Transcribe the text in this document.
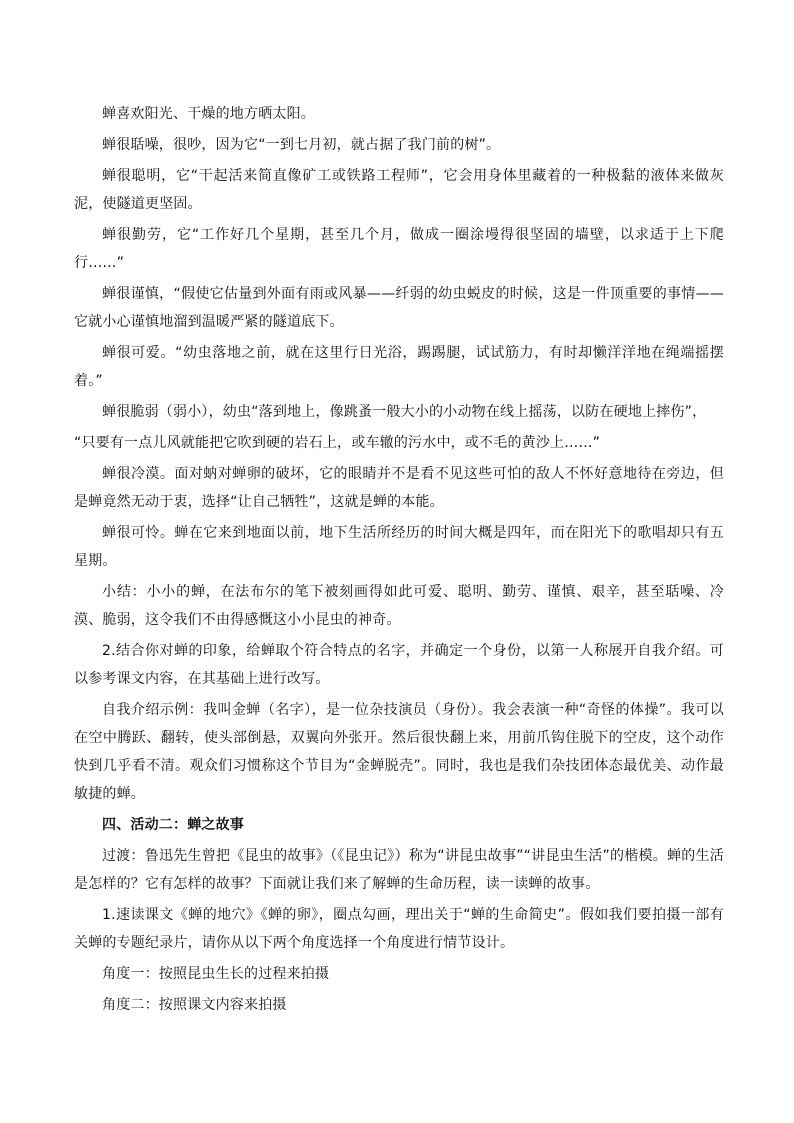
蝉喜欢阳光、干燥的地方晒太阳。

蝉很聒噪，很吵，因为它“一到七月初，就占据了我门前的树”。

蝉很聪明，它“干起活来简直像矿工或铁路工程师”，它会用身体里藏着的一种极黏的液体来做灰泥，使隧道更坚固。

蝉很勤劳，它“工作好几个星期，甚至几个月，做成一圈涂墁得很坚固的墙壁，以求适于上下爬行……”

蝉很谨慎，“假使它估量到外面有雨或风暴——纤弱的幼虫蜕皮的时候，这是一件顶重要的事情——它就小心谨慎地溜到温暖严紧的隧道底下。

蝉很可爱。“幼虫落地之前，就在这里行日光浴，踢踢腿，试试筋力，有时却懒洋洋地在绳端摇摆着。”

蝉很脆弱（弱小），幼虫“落到地上，像跳蚤一般大小的小动物在线上摇荡，以防在硬地上摔伤”，

“只要有一点儿风就能把它吹到硬的岩石上，或车辙的污水中，或不毛的黄沙上……”

蝉很冷漠。面对蚋对蝉卵的破坏，它的眼睛并不是看不见这些可怕的敌人不怀好意地待在旁边，但是蝉竟然无动于衷，选择“让自己牺牲”，这就是蝉的本能。

蝉很可怜。蝉在它来到地面以前，地下生活所经历的时间大概是四年，而在阳光下的歌唱却只有五星期。

小结：小小的蝉，在法布尔的笔下被刻画得如此可爱、聪明、勤劳、谨慎、艰辛，甚至聒噪、冷漠、脆弱，这令我们不由得感慨这小小昆虫的神奇。

2.结合你对蝉的印象，给蝉取个符合特点的名字，并确定一个身份，以第一人称展开自我介绍。可以参考课文内容，在其基础上进行改写。

自我介绍示例：我叫金蝉（名字），是一位杂技演员（身份）。我会表演一种“奇怪的体操”。我可以在空中腾跃、翻转，使头部倒悬，双翼向外张开。然后很快翻上来，用前爪钩住脱下的空皮，这个动作快到几乎看不清。观众们习惯称这个节目为“金蝉脱壳”。同时，我也是我们杂技团体态最优美、动作最敏捷的蝉。

四、活动二：蝉之故事

过渡：鲁迅先生曾把《昆虫的故事》（《昆虫记》）称为“讲昆虫故事”“讲昆虫生活”的楷模。蝉的生活是怎样的？它有怎样的故事？下面就让我们来了解蝉的生命历程，读一读蝉的故事。

1.速读课文《蝉的地穴》《蝉的卵》，圈点勾画，理出关于“蝉的生命简史”。假如我们要拍摄一部有关蝉的专题纪录片，请你从以下两个角度选择一个角度进行情节设计。

角度一：按照昆虫生长的过程来拍摄

角度二：按照课文内容来拍摄
